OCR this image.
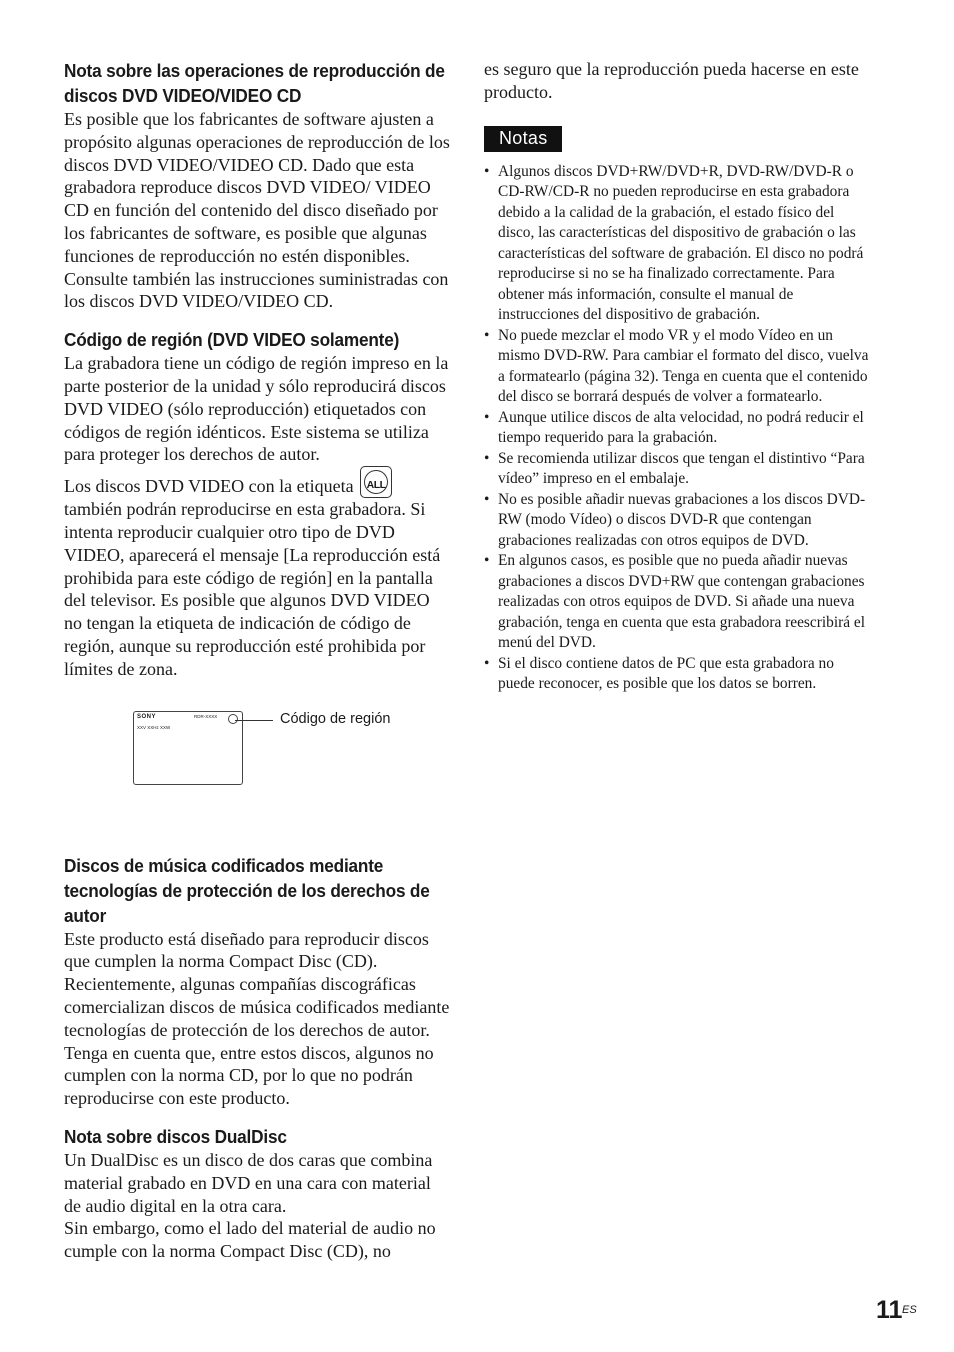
Nota sobre las operaciones de reproducción de discos DVD VIDEO/VIDEO CD

Es posible que los fabricantes de software ajusten a propósito algunas operaciones de reproducción de los discos DVD VIDEO/VIDEO CD. Dado que esta grabadora reproduce discos DVD VIDEO/ VIDEO CD en función del contenido del disco diseñado por los fabricantes de software, es posible que algunas funciones de reproducción no estén disponibles. Consulte también las instrucciones suministradas con los discos DVD VIDEO/VIDEO CD.

Código de región (DVD VIDEO solamente)

La grabadora tiene un código de región impreso en la parte posterior de la unidad y sólo reproducirá discos DVD VIDEO (sólo reproducción) etiquetados con códigos de región idénticos. Este sistema se utiliza para proteger los derechos de autor.

Los discos DVD VIDEO con la etiqueta	ALL
también podrán reproducirse en esta grabadora. Si intenta reproducir cualquier otro tipo de DVD VIDEO, aparecerá el mensaje [La reproducción está prohibida para este código de región] en la pantalla del televisor. Es posible que algunos DVD VIDEO no tengan la etiqueta de indicación de código de región, aunque su reproducción esté prohibida por límites de zona.

SONY	RDR-XXXX
XXV XXHz XXW
Código de región
Discos de música codificados mediante tecnologías de protección de los derechos de autor

Este producto está diseñado para reproducir discos que cumplen la norma Compact Disc (CD). Recientemente, algunas compañías discográficas comercializan discos de música codificados mediante tecnologías de protección de los derechos de autor. Tenga en cuenta que, entre estos discos, algunos no cumplen con la norma CD, por lo que no podrán reproducirse con este producto.

Nota sobre discos DualDisc

Un DualDisc es un disco de dos caras que combina material grabado en DVD en una cara con material de audio digital en la otra cara.

Sin embargo, como el lado del material de audio no cumple con la norma Compact Disc (CD), no

es seguro que la reproducción pueda hacerse en este producto.

Notas
• Algunos discos DVD+RW/DVD+R, DVD-RW/DVD-R o CD-RW/CD-R no pueden reproducirse en esta grabadora debido a la calidad de la grabación, el estado físico del disco, las características del dispositivo de grabación o las características del software de grabación. El disco no podrá reproducirse si no se ha finalizado correctamente. Para obtener más información, consulte el manual de instrucciones del dispositivo de grabación.
• No puede mezclar el modo VR y el modo Vídeo en un mismo DVD-RW. Para cambiar el formato del disco, vuelva a formatearlo (página 32). Tenga en cuenta que el contenido del disco se borrará después de volver a formatearlo.
• Aunque utilice discos de alta velocidad, no podrá reducir el tiempo requerido para la grabación.
• Se recomienda utilizar discos que tengan el distintivo “Para vídeo” impreso en el embalaje.
• No es posible añadir nuevas grabaciones a los discos DVD-RW (modo Vídeo) o discos DVD-R que contengan grabaciones realizadas con otros equipos de DVD.
• En algunos casos, es posible que no pueda añadir nuevas grabaciones a discos DVD+RW que contengan grabaciones realizadas con otros equipos de DVD. Si añade una nueva grabación, tenga en cuenta que esta grabadora reescribirá el menú del DVD.
• Si el disco contiene datos de PC que esta grabadora no puede reconocer, es posible que los datos se borren.
11 ES
